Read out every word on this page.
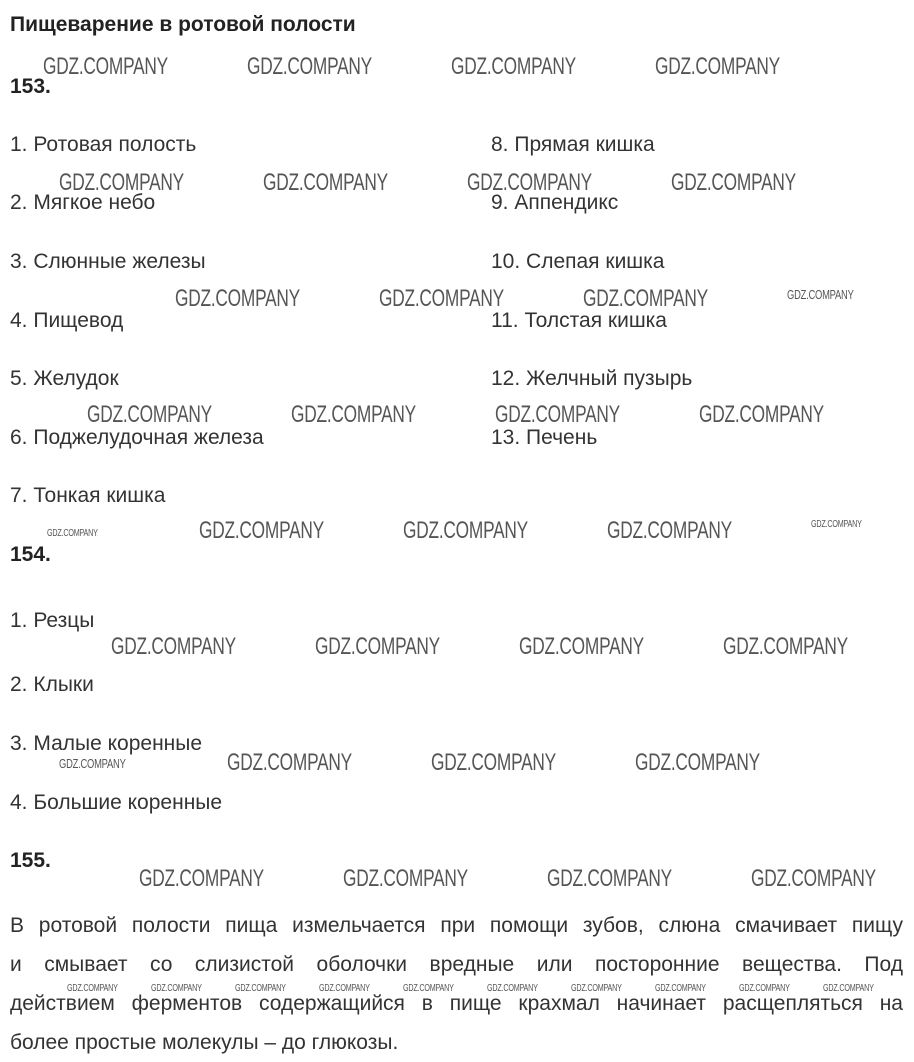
Пищеварение в ротовой полости
153.
1. Ротовая полость
2. Мягкое небо
3. Слюнные железы
4. Пищевод
5. Желудок
6. Поджелудочная железа
7. Тонкая кишка
8. Прямая кишка
9. Аппендикс
10. Слепая кишка
11. Толстая кишка
12. Желчный пузырь
13. Печень
154.
1. Резцы
2. Клыки
3. Малые коренные
4. Большие коренные
155.
В ротовой полости пища измельчается при помощи зубов, слюна смачивает пищу
и смывает со слизистой оболочки вредные или посторонние вещества. Под
действием ферментов содержащийся в пище крахмал начинает расщепляться на
более простые молекулы – до глюкозы.
GDZ.COMPANY	GDZ.COMPANY	GDZ.COMPANY	GDZ.COMPANY
GDZ.COMPANY	GDZ.COMPANY	GDZ.COMPANY	GDZ.COMPANY
GDZ.COMPANY	GDZ.COMPANY	GDZ.COMPANY	GDZ.COMPANY
GDZ.COMPANY	GDZ.COMPANY	GDZ.COMPANY	GDZ.COMPANY
GDZ.COMPANY	GDZ.COMPANY	GDZ.COMPANY	GDZ.COMPANY	GDZ.COMPANY
GDZ.COMPANY	GDZ.COMPANY	GDZ.COMPANY	GDZ.COMPANY
GDZ.COMPANY	GDZ.COMPANY	GDZ.COMPANY	GDZ.COMPANY
GDZ.COMPANY	GDZ.COMPANY	GDZ.COMPANY	GDZ.COMPANY
GDZ.COMPANY	GDZ.COMPANY	GDZ.COMPANY	GDZ.COMPANY	GDZ.COMPANY	GDZ.COMPANY	GDZ.COMPANY	GDZ.COMPANY	GDZ.COMPANY	GDZ.COMPANY
